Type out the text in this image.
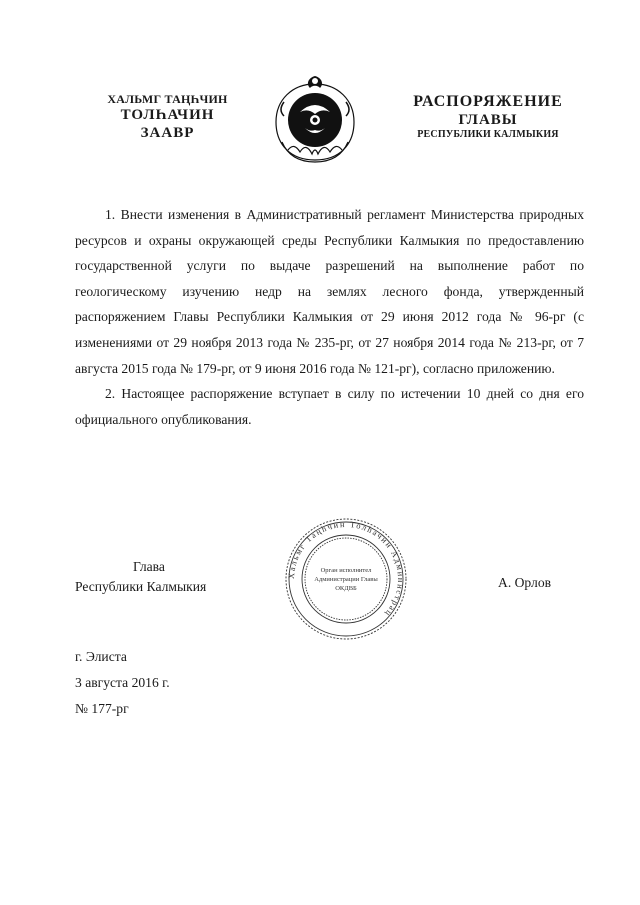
ХАЛЬМГ ТАҢҺЧИН
ТОЛҺАЧИН
ЗААВР
РАСПОРЯЖЕНИЕ
ГЛАВЫ
РЕСПУБЛИКИ КАЛМЫКИЯ

1. Внести изменения в Административный регламент Министерства природных ресурсов и охраны окружающей среды Республики Калмыкия по предоставлению государственной услуги по выдаче разрешений на выполнение работ по геологическому изучению недр на землях лесного фонда, утвержденный распоряжением Главы Республики Калмыкия от 29 июня 2012 года № 96-рг (с изменениями от 29 ноября 2013 года № 235-рг, от 27 ноября 2014 года № 213-рг, от 7 августа 2015 года № 179-рг, от 9 июня 2016 года № 121-рг), согласно приложению.

2. Настоящее распоряжение вступает в силу по истечении 10 дней со дня его официального опубликования.

Хальмг Таңһчин Толһачин Администрац
Орган исполнител
Администрации Главы
ОКДВБ
Глава
Республики Калмыкия	А. Орлов
г. Элиста
3 августа 2016 г.
№ 177-рг
